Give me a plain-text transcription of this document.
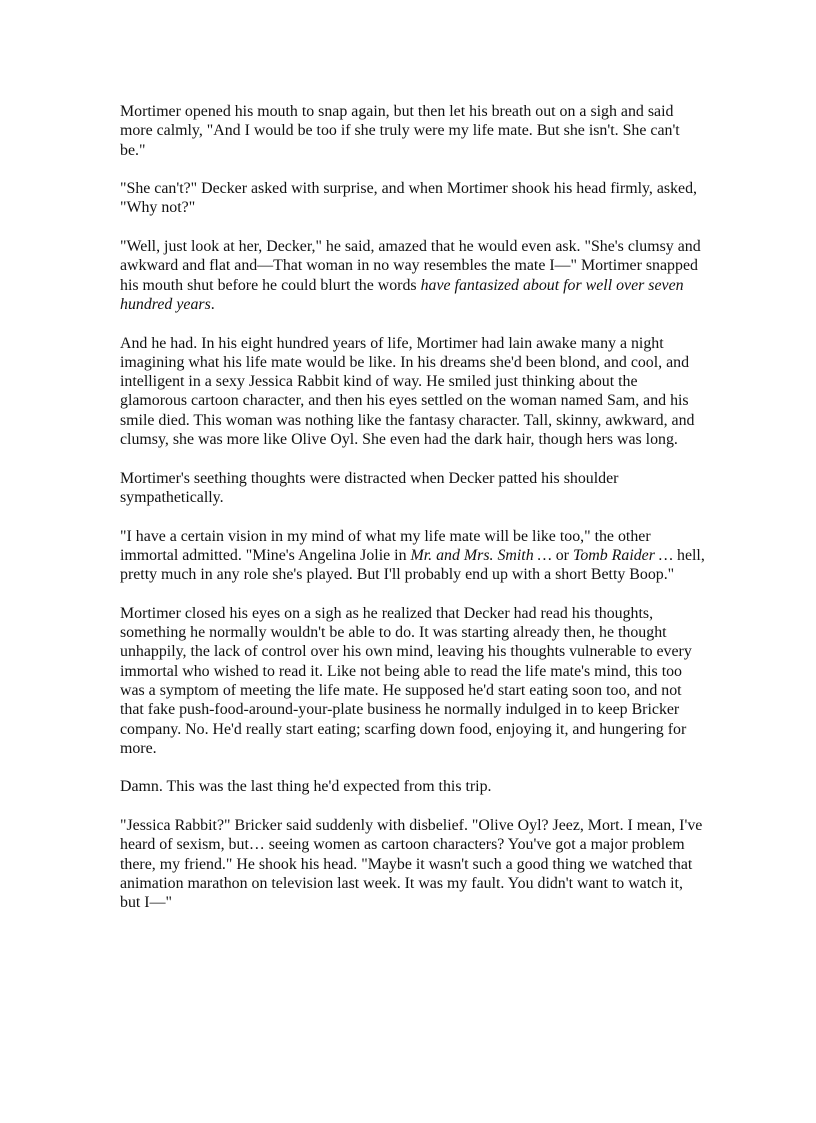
Mortimer opened his mouth to snap again, but then let his breath out on a sigh and said more calmly, "And I would be too if she truly were my life mate. But she isn't. She can't be."

"She can't?" Decker asked with surprise, and when Mortimer shook his head firmly, asked, "Why not?"

"Well, just look at her, Decker," he said, amazed that he would even ask. "She's clumsy and awkward and flat and—That woman in no way resembles the mate I—" Mortimer snapped his mouth shut before he could blurt the words have fantasized about for well over seven hundred years.

And he had. In his eight hundred years of life, Mortimer had lain awake many a night imagining what his life mate would be like. In his dreams she'd been blond, and cool, and intelligent in a sexy Jessica Rabbit kind of way. He smiled just thinking about the glamorous cartoon character, and then his eyes settled on the woman named Sam, and his smile died. This woman was nothing like the fantasy character. Tall, skinny, awkward, and clumsy, she was more like Olive Oyl. She even had the dark hair, though hers was long.

Mortimer's seething thoughts were distracted when Decker patted his shoulder sympathetically.

"I have a certain vision in my mind of what my life mate will be like too," the other immortal admitted. "Mine's Angelina Jolie in Mr. and Mrs. Smith … or Tomb Raider … hell, pretty much in any role she's played. But I'll probably end up with a short Betty Boop."

Mortimer closed his eyes on a sigh as he realized that Decker had read his thoughts, something he normally wouldn't be able to do. It was starting already then, he thought unhappily, the lack of control over his own mind, leaving his thoughts vulnerable to every immortal who wished to read it. Like not being able to read the life mate's mind, this too was a symptom of meeting the life mate. He supposed he'd start eating soon too, and not that fake push-food-around-your-plate business he normally indulged in to keep Bricker company. No. He'd really start eating; scarfing down food, enjoying it, and hungering for more.

Damn. This was the last thing he'd expected from this trip.

"Jessica Rabbit?" Bricker said suddenly with disbelief. "Olive Oyl? Jeez, Mort. I mean, I've heard of sexism, but… seeing women as cartoon characters? You've got a major problem there, my friend." He shook his head. "Maybe it wasn't such a good thing we watched that animation marathon on television last week. It was my fault. You didn't want to watch it, but I—"
